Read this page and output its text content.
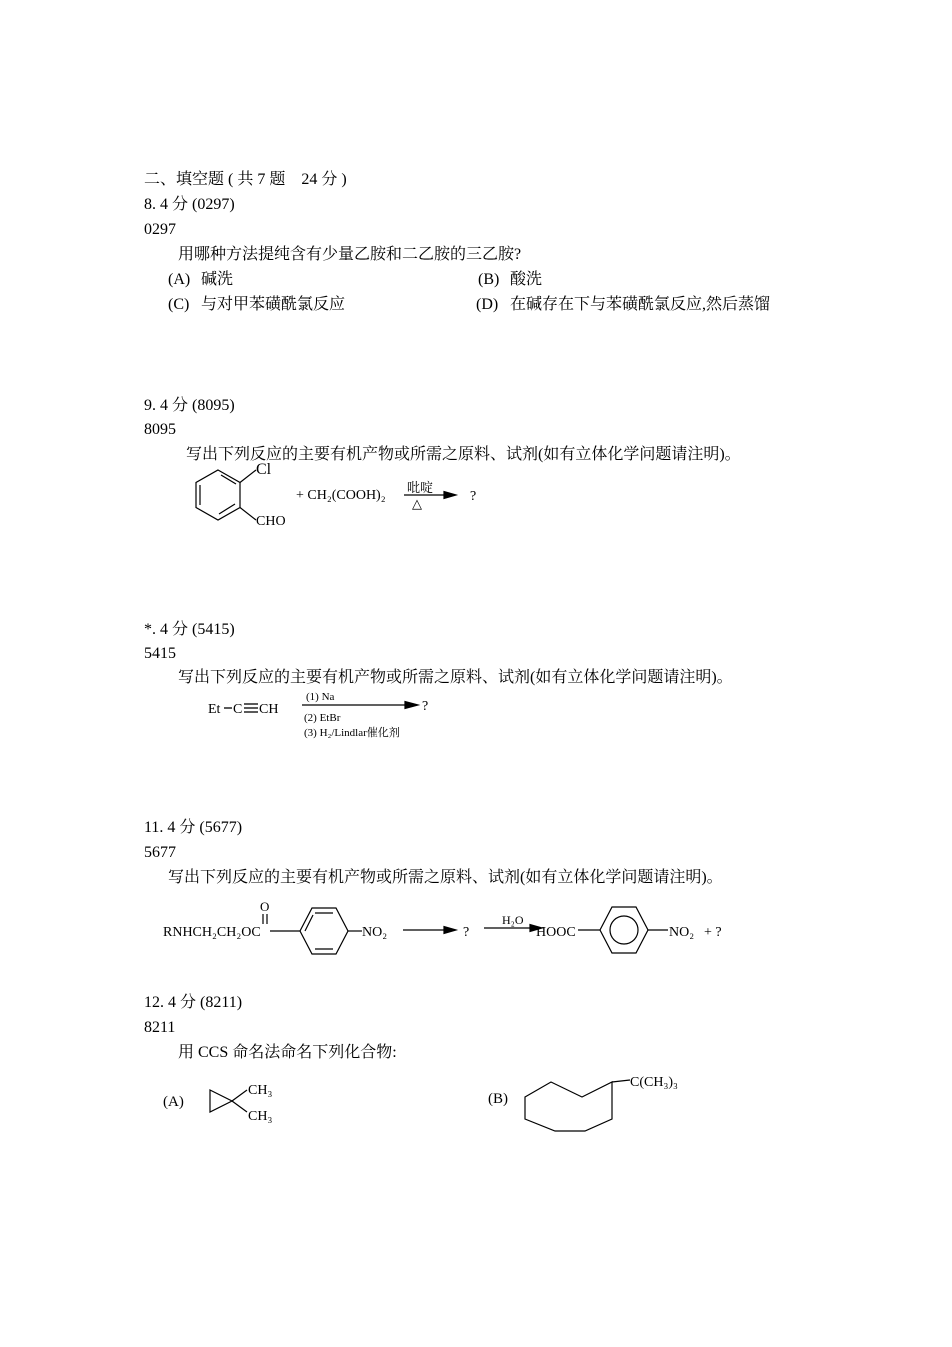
二、填空题 ( 共 7 题　24 分 )
8. 4 分 (0297)
0297
用哪种方法提纯含有少量乙胺和二乙胺的三乙胺?
(A) 碱洗	(B) 酸洗
(C) 与对甲苯磺酰氯反应	(D) 在碱存在下与苯磺酰氯反应,然后蒸馏
9. 4 分 (8095)
8095
写出下列反应的主要有机产物或所需之原料、试剂(如有立体化学问题请注明)。
Cl
CHO
+ CH₂(COOH)₂
吡啶
△	?
Et C CH
(1) Na
?
(2) EtBr
(3) H₂/Lindlar催化剂
RNHCH₂CH₂OC
O
NO₂	?
H₂O
HOOC	NO₂ + ?
(A)
CH₃
CH₃
(B)
C(CH₃)₃
*. 4 分 (5415)
5415
写出下列反应的主要有机产物或所需之原料、试剂(如有立体化学问题请注明)。
11. 4 分 (5677)
5677
写出下列反应的主要有机产物或所需之原料、试剂(如有立体化学问题请注明)。
12. 4 分 (8211)
8211
用 CCS 命名法命名下列化合物:
